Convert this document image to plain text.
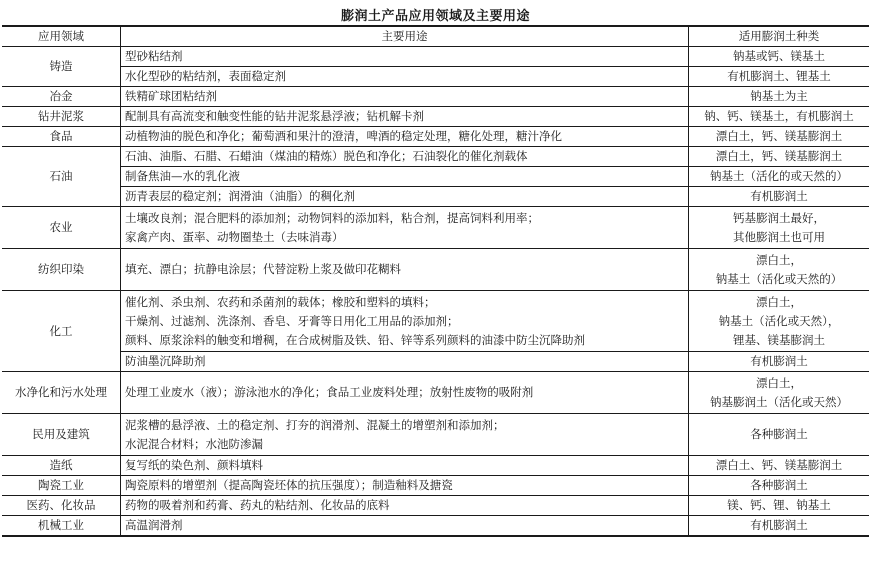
膨润土产品应用领域及主要用途
应用领域	主要用途	适用膨润土种类
铸造	型砂粘结剂	钠基或钙、镁基土

	水化型砂的粘结剂，表面稳定剂	有机膨润土、锂基土

冶金	铁精矿球团粘结剂	钠基土为主

钻井泥浆	配制具有高流变和触变性能的钻井泥浆悬浮液；钻机解卡剂	钠、钙、镁基土，有机膨润土

食品	动植物油的脱色和净化；葡萄酒和果汁的澄清，啤酒的稳定处理，糖化处理，糖汁净化	漂白土，钙、镁基膨润土

石油	石油、油脂、石腊、石蜡油（煤油的精炼）脱色和净化；石油裂化的催化剂载体	漂白土，钙、镁基膨润土

	制备焦油—水的乳化液	钠基土（活化的或天然的）

	沥青表层的稳定剂；润滑油（油脂）的稠化剂	有机膨润土

农业	土壤改良剂；混合肥料的添加剂；动物饲料的添加料，粘合剂，提高饲料利用率；
家禽产肉、蛋率、动物圈垫土（去味消毒）	钙基膨润土最好，
其他膨润土也可用

纺织印染	填充、漂白；抗静电涂层；代替淀粉上浆及做印花糊料	漂白土，
钠基土（活化或天然的）

化工	催化剂、杀虫剂、农药和杀菌剂的载体；橡胶和塑料的填料；
干燥剂、过滤剂、洗涤剂、香皂、牙膏等日用化工用品的添加剂；
颜料、原浆涂料的触变和增稠，在合成树脂及铁、铅、锌等系列颜料的油漆中防尘沉降助剂	漂白土，
钠基土（活化或天然），
锂基、镁基膨润土

	防油墨沉降助剂	有机膨润土

水净化和污水处理	处理工业废水（液）；游泳池水的净化；食品工业废料处理；放射性废物的吸附剂	漂白土，
钠基膨润土（活化或天然）

民用及建筑	泥浆槽的悬浮液、土的稳定剂、打夯的润滑剂、混凝土的增塑剂和添加剂；
水泥混合材料；水池防渗漏	各种膨润土

造纸	复写纸的染色剂、颜料填料	漂白土、钙、镁基膨润土

陶瓷工业	陶瓷原料的增塑剂（提高陶瓷坯体的抗压强度）；制造釉料及搪瓷	各种膨润土

医药、化妆品	药物的吸着剂和药膏、药丸的粘结剂、化妆品的底料	镁、钙、锂、钠基土

机械工业	高温润滑剂	有机膨润土
